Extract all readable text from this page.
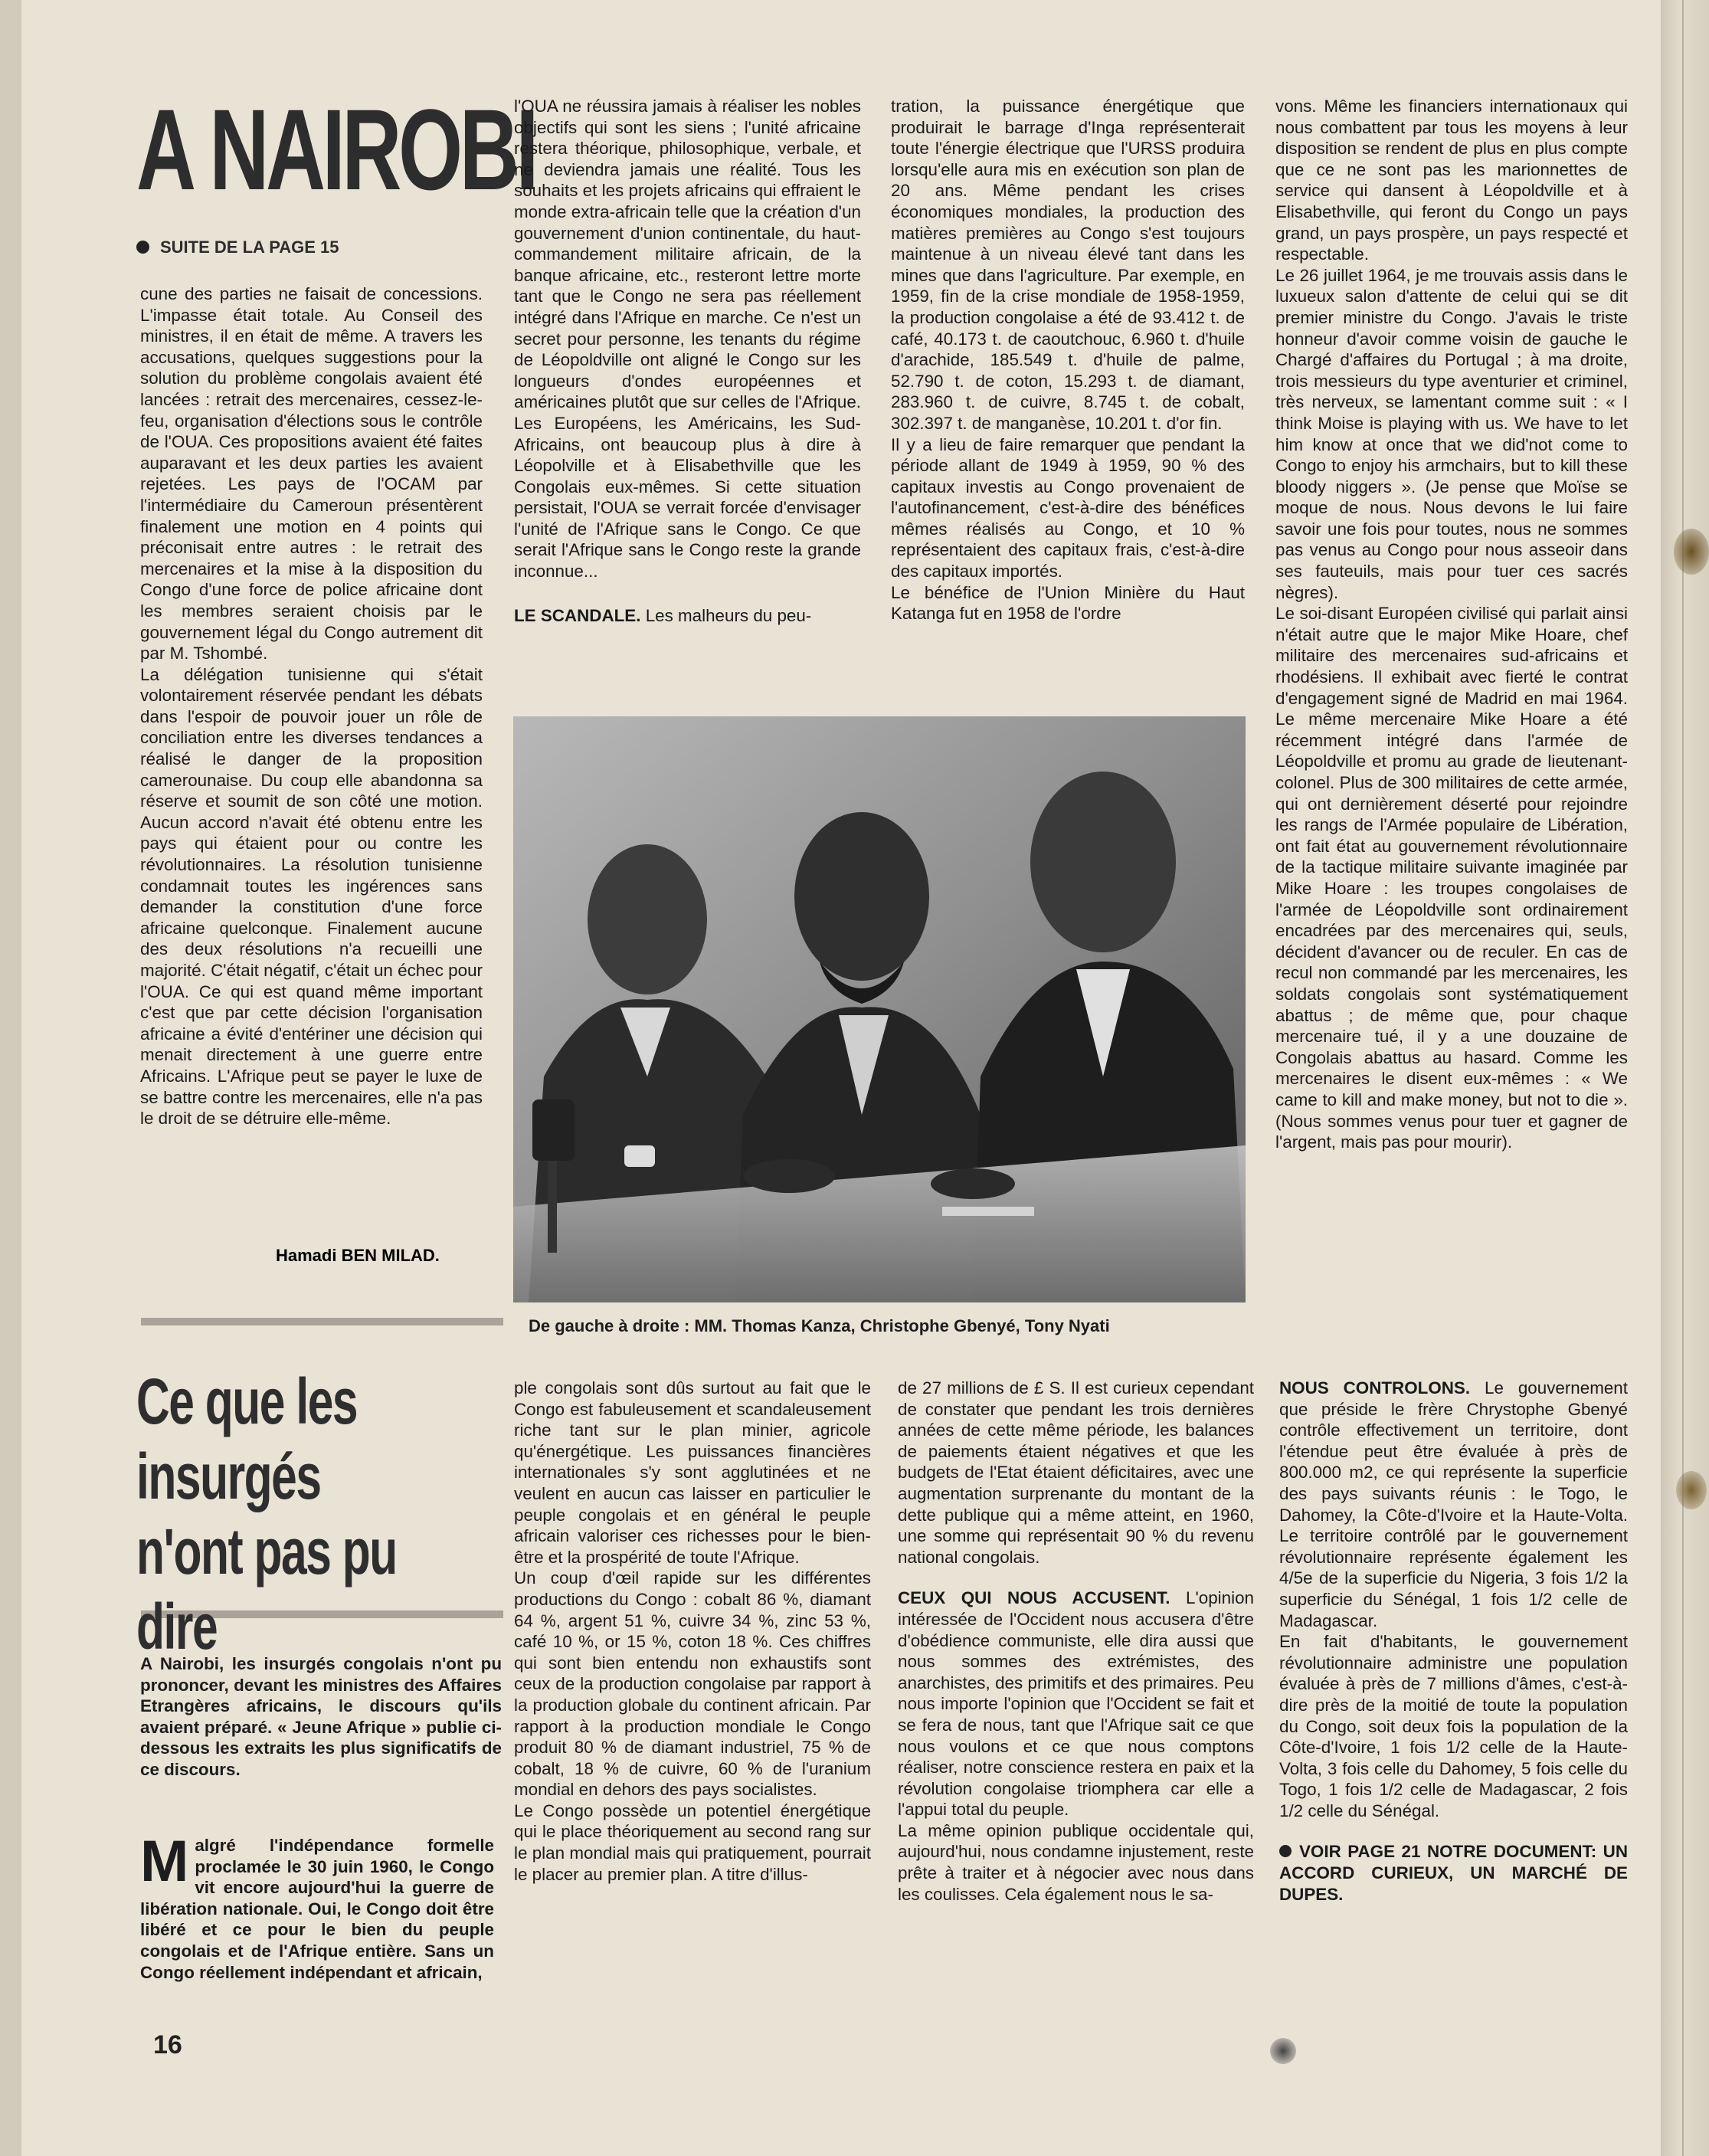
A NAIROBI
SUITE DE LA PAGE 15

cune des parties ne faisait de concessions. L'impasse était totale. Au Conseil des ministres, il en était de même. A travers les accusations, quelques suggestions pour la solution du problème congolais avaient été lancées : retrait des mercenaires, cessez-le-feu, organisation d'élections sous le contrôle de l'OUA. Ces propositions avaient été faites auparavant et les deux parties les avaient rejetées. Les pays de l'OCAM par l'intermédiaire du Cameroun présentèrent finalement une motion en 4 points qui préconisait entre autres : le retrait des mercenaires et la mise à la disposition du Congo d'une force de police africaine dont les membres seraient choisis par le gouvernement légal du Congo autrement dit par M. Tshombé.

La délégation tunisienne qui s'était volontairement réservée pendant les débats dans l'espoir de pouvoir jouer un rôle de conciliation entre les diverses tendances a réalisé le danger de la proposition camerounaise. Du coup elle abandonna sa réserve et soumit de son côté une motion. Aucun accord n'avait été obtenu entre les pays qui étaient pour ou contre les révolutionnaires. La résolution tunisienne condamnait toutes les ingérences sans demander la constitution d'une force africaine quelconque. Finalement aucune des deux résolutions n'a recueilli une majorité. C'était négatif, c'était un échec pour l'OUA. Ce qui est quand même important c'est que par cette décision l'organisation africaine a évité d'entériner une décision qui menait directement à une guerre entre Africains. L'Afrique peut se payer le luxe de se battre contre les mercenaires, elle n'a pas le droit de se détruire elle-même.

Hamadi BEN MILAD.

l'OUA ne réussira jamais à réaliser les nobles objectifs qui sont les siens ; l'unité africaine restera théorique, philosophique, verbale, et ne deviendra jamais une réalité. Tous les souhaits et les projets africains qui effraient le monde extra-africain telle que la création d'un gouvernement d'union continentale, du haut-commandement militaire africain, de la banque africaine, etc., resteront lettre morte tant que le Congo ne sera pas réellement intégré dans l'Afrique en marche. Ce n'est un secret pour personne, les tenants du régime de Léopoldville ont aligné le Congo sur les longueurs d'ondes européennes et américaines plutôt que sur celles de l'Afrique. Les Européens, les Américains, les Sud-Africains, ont beaucoup plus à dire à Léopolville et à Elisabethville que les Congolais eux-mêmes. Si cette situation persistait, l'OUA se verrait forcée d'envisager l'unité de l'Afrique sans le Congo. Ce que serait l'Afrique sans le Congo reste la grande inconnue...

LE SCANDALE. Les malheurs du peu-

tration, la puissance énergétique que produirait le barrage d'Inga représenterait toute l'énergie électrique que l'URSS produira lorsqu'elle aura mis en exécution son plan de 20 ans. Même pendant les crises économiques mondiales, la production des matières premières au Congo s'est toujours maintenue à un niveau élevé tant dans les mines que dans l'agriculture. Par exemple, en 1959, fin de la crise mondiale de 1958-1959, la production congolaise a été de 93.412 t. de café, 40.173 t. de caoutchouc, 6.960 t. d'huile d'arachide, 185.549 t. d'huile de palme, 52.790 t. de coton, 15.293 t. de diamant, 283.960 t. de cuivre, 8.745 t. de cobalt, 302.397 t. de manganèse, 10.201 t. d'or fin.

Il y a lieu de faire remarquer que pendant la période allant de 1949 à 1959, 90 % des capitaux investis au Congo provenaient de l'autofinancement, c'est-à-dire des bénéfices mêmes réalisés au Congo, et 10 % représentaient des capitaux frais, c'est-à-dire des capitaux importés.

Le bénéfice de l'Union Minière du Haut Katanga fut en 1958 de l'ordre

vons. Même les financiers internationaux qui nous combattent par tous les moyens à leur disposition se rendent de plus en plus compte que ce ne sont pas les marionnettes de service qui dansent à Léopoldville et à Elisabethville, qui feront du Congo un pays grand, un pays prospère, un pays respecté et respectable.

Le 26 juillet 1964, je me trouvais assis dans le luxueux salon d'attente de celui qui se dit premier ministre du Congo. J'avais le triste honneur d'avoir comme voisin de gauche le Chargé d'affaires du Portugal ; à ma droite, trois messieurs du type aventurier et criminel, très nerveux, se lamentant comme suit : « I think Moise is playing with us. We have to let him know at once that we did'not come to Congo to enjoy his armchairs, but to kill these bloody niggers ». (Je pense que Moïse se moque de nous. Nous devons le lui faire savoir une fois pour toutes, nous ne sommes pas venus au Congo pour nous asseoir dans ses fauteuils, mais pour tuer ces sacrés nègres).

Le soi-disant Européen civilisé qui parlait ainsi n'était autre que le major Mike Hoare, chef militaire des mercenaires sud-africains et rhodésiens. Il exhibait avec fierté le contrat d'engagement signé de Madrid en mai 1964. Le même mercenaire Mike Hoare a été récemment intégré dans l'armée de Léopoldville et promu au grade de lieutenant-colonel. Plus de 300 militaires de cette armée, qui ont dernièrement déserté pour rejoindre les rangs de l'Armée populaire de Libération, ont fait état au gouvernement révolutionnaire de la tactique militaire suivante imaginée par Mike Hoare : les troupes congolaises de l'armée de Léopoldville sont ordinairement encadrées par des mercenaires qui, seuls, décident d'avancer ou de reculer. En cas de recul non commandé par les mercenaires, les soldats congolais sont systématiquement abattus ; de même que, pour chaque mercenaire tué, il y a une douzaine de Congolais abattus au hasard. Comme les mercenaires le disent eux-mêmes : « We came to kill and make money, but not to die ». (Nous sommes venus pour tuer et gagner de l'argent, mais pas pour mourir).

De gauche à droite : MM. Thomas Kanza, Christophe Gbenyé, Tony Nyati
Ce que les insurgés n'ont pas pu dire
A Nairobi, les insurgés congolais n'ont pu prononcer, devant les ministres des Affaires Etrangères africains, le discours qu'ils avaient préparé. « Jeune Afrique » publie ci-dessous les extraits les plus significatifs de ce discours.
Malgré l'indépendance formelle proclamée le 30 juin 1960, le Congo vit encore aujourd'hui la guerre de libération nationale. Oui, le Congo doit être libéré et ce pour le bien du peuple congolais et de l'Afrique entière. Sans un Congo réellement indépendant et africain,

ple congolais sont dûs surtout au fait que le Congo est fabuleusement et scandaleusement riche tant sur le plan minier, agricole qu'énergétique. Les puissances financières internationales s'y sont agglutinées et ne veulent en aucun cas laisser en particulier le peuple congolais et en général le peuple africain valoriser ces richesses pour le bien-être et la prospérité de toute l'Afrique.

Un coup d'œil rapide sur les différentes productions du Congo : cobalt 86 %, diamant 64 %, argent 51 %, cuivre 34 %, zinc 53 %, café 10 %, or 15 %, coton 18 %. Ces chiffres qui sont bien entendu non exhaustifs sont ceux de la production congolaise par rapport à la production globale du continent africain. Par rapport à la production mondiale le Congo produit 80 % de diamant industriel, 75 % de cobalt, 18 % de cuivre, 60 % de l'uranium mondial en dehors des pays socialistes.

Le Congo possède un potentiel énergétique qui le place théoriquement au second rang sur le plan mondial mais qui pratiquement, pourrait le placer au premier plan. A titre d'illus-

de 27 millions de £ S. Il est curieux cependant de constater que pendant les trois dernières années de cette même période, les balances de paiements étaient négatives et que les budgets de l'Etat étaient déficitaires, avec une augmentation surprenante du montant de la dette publique qui a même atteint, en 1960, une somme qui représentait 90 % du revenu national congolais.

CEUX QUI NOUS ACCUSENT. L'opinion intéressée de l'Occident nous accusera d'être d'obédience communiste, elle dira aussi que nous sommes des extrémistes, des anarchistes, des primitifs et des primaires. Peu nous importe l'opinion que l'Occident se fait et se fera de nous, tant que l'Afrique sait ce que nous voulons et ce que nous comptons réaliser, notre conscience restera en paix et la révolution congolaise triomphera car elle a l'appui total du peuple.

La même opinion publique occidentale qui, aujourd'hui, nous condamne injustement, reste prête à traiter et à négocier avec nous dans les coulisses. Cela également nous le sa-

NOUS CONTROLONS. Le gouvernement que préside le frère Chrystophe Gbenyé contrôle effectivement un territoire, dont l'étendue peut être évaluée à près de 800.000 m2, ce qui représente la superficie des pays suivants réunis : le Togo, le Dahomey, la Côte-d'Ivoire et la Haute-Volta. Le territoire contrôlé par le gouvernement révolutionnaire représente également les 4/5e de la superficie du Nigeria, 3 fois 1/2 la superficie du Sénégal, 1 fois 1/2 celle de Madagascar.

En fait d'habitants, le gouvernement révolutionnaire administre une population évaluée à près de 7 millions d'âmes, c'est-à-dire près de la moitié de toute la population du Congo, soit deux fois la population de la Côte-d'Ivoire, 1 fois 1/2 celle de la Haute-Volta, 3 fois celle du Dahomey, 5 fois celle du Togo, 1 fois 1/2 celle de Madagascar, 2 fois 1/2 celle du Sénégal.

VOIR PAGE 21 NOTRE DOCUMENT: UN ACCORD CURIEUX, UN MARCHÉ DE DUPES.

16
